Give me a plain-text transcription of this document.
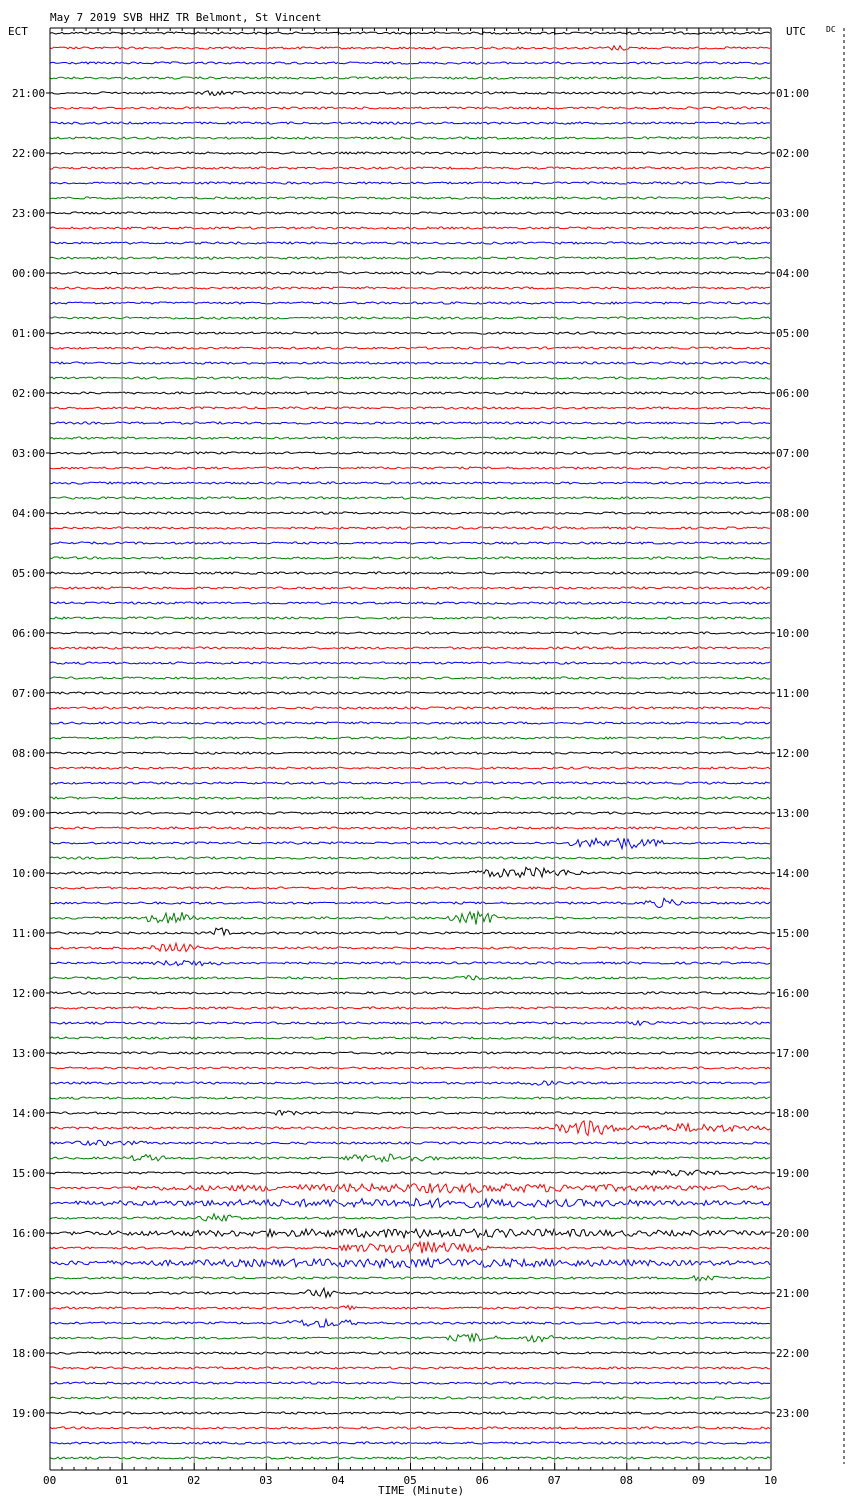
May 7 2019 SVB HHZ TR Belmont, St Vincent
ECT	UTC	DC
TIME (Minute)
21:00
22:00
23:00
00:00
01:00
02:00
03:00
04:00
05:00
06:00
07:00
08:00
09:00
10:00
11:00
12:00
13:00
14:00
15:00
16:00
17:00
18:00
19:00
01:00
02:00
03:00
04:00
05:00
06:00
07:00
08:00
09:00
10:00
11:00
12:00
13:00
14:00
15:00
16:00
17:00
18:00
19:00
20:00
21:00
22:00
23:00
00	01	02	03	04	05	06	07	08	09	10
